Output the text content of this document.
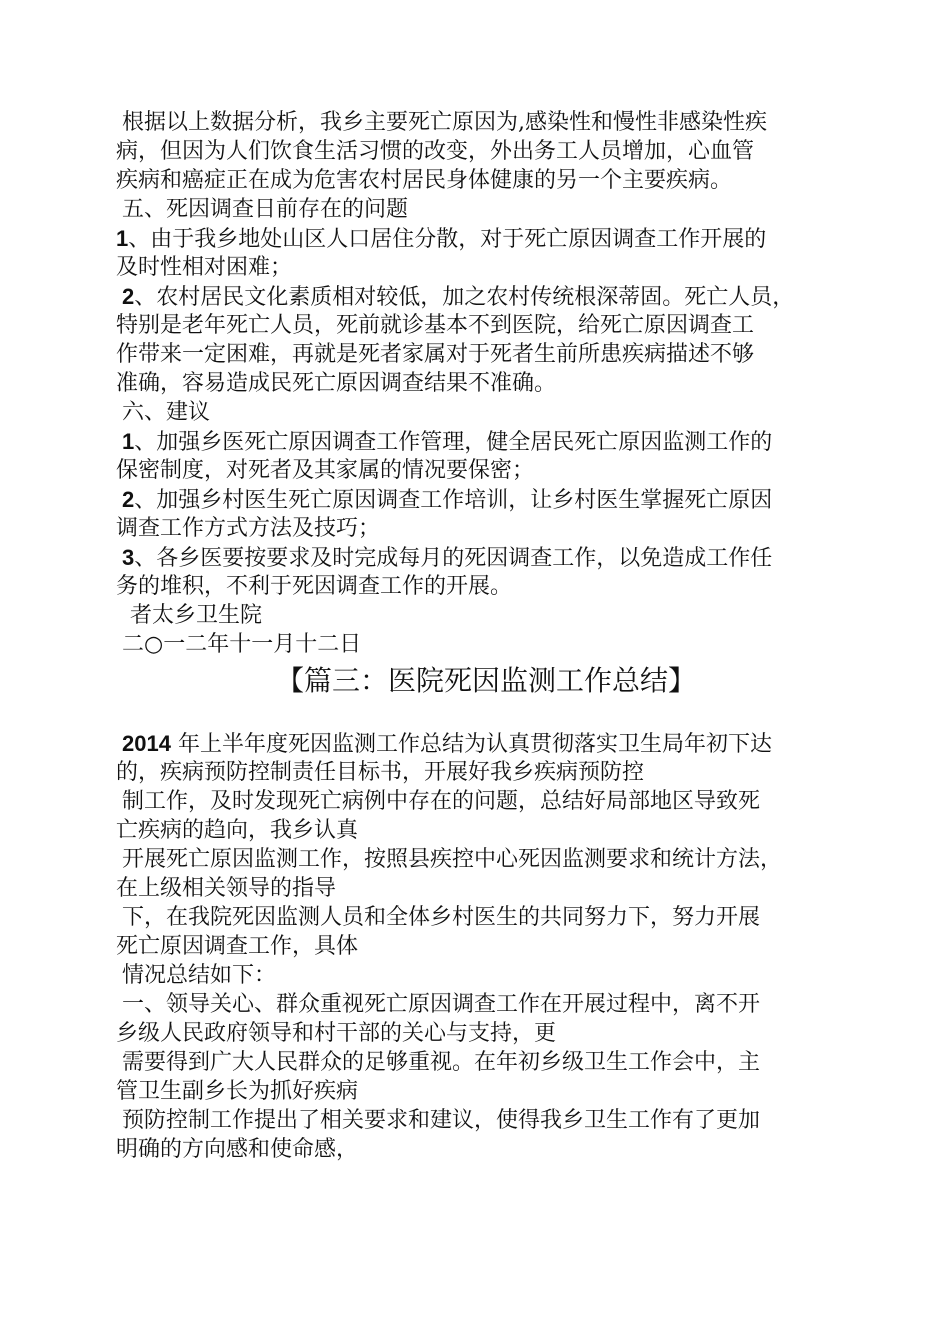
根据以上数据分析，我乡主要死亡原因为,感染性和慢性非感染性疾
病，但因为人们饮食生活习惯的改变，外出务工人员增加，心血管
疾病和癌症正在成为危害农村居民身体健康的另一个主要疾病。
五、死因调查日前存在的问题
1、由于我乡地处山区人口居住分散，对于死亡原因调查工作开展的
及时性相对困难；
2、农村居民文化素质相对较低，加之农村传统根深蒂固。死亡人员，
特别是老年死亡人员，死前就诊基本不到医院，给死亡原因调查工
作带来一定困难，再就是死者家属对于死者生前所患疾病描述不够
准确，容易造成民死亡原因调查结果不准确。
六、建议
1、加强乡医死亡原因调查工作管理，健全居民死亡原因监测工作的
保密制度，对死者及其家属的情况要保密；
2、加强乡村医生死亡原因调查工作培训，让乡村医生掌握死亡原因
调查工作方式方法及技巧；
3、各乡医要按要求及时完成每月的死因调查工作，以免造成工作任
务的堆积，不利于死因调查工作的开展。
者太乡卫生院
二○一二年十一月十二日
【篇三：医院死因监测工作总结】
2014 年上半年度死因监测工作总结为认真贯彻落实卫生局年初下达
的，疾病预防控制责任目标书，开展好我乡疾病预防控
制工作，及时发现死亡病例中存在的问题，总结好局部地区导致死
亡疾病的趋向，我乡认真
开展死亡原因监测工作，按照县疾控中心死因监测要求和统计方法，
在上级相关领导的指导
下，在我院死因监测人员和全体乡村医生的共同努力下，努力开展
死亡原因调查工作，具体
情况总结如下：
一、领导关心、群众重视死亡原因调查工作在开展过程中，离不开
乡级人民政府领导和村干部的关心与支持，更
需要得到广大人民群众的足够重视。在年初乡级卫生工作会中，主
管卫生副乡长为抓好疾病
预防控制工作提出了相关要求和建议，使得我乡卫生工作有了更加
明确的方向感和使命感，
